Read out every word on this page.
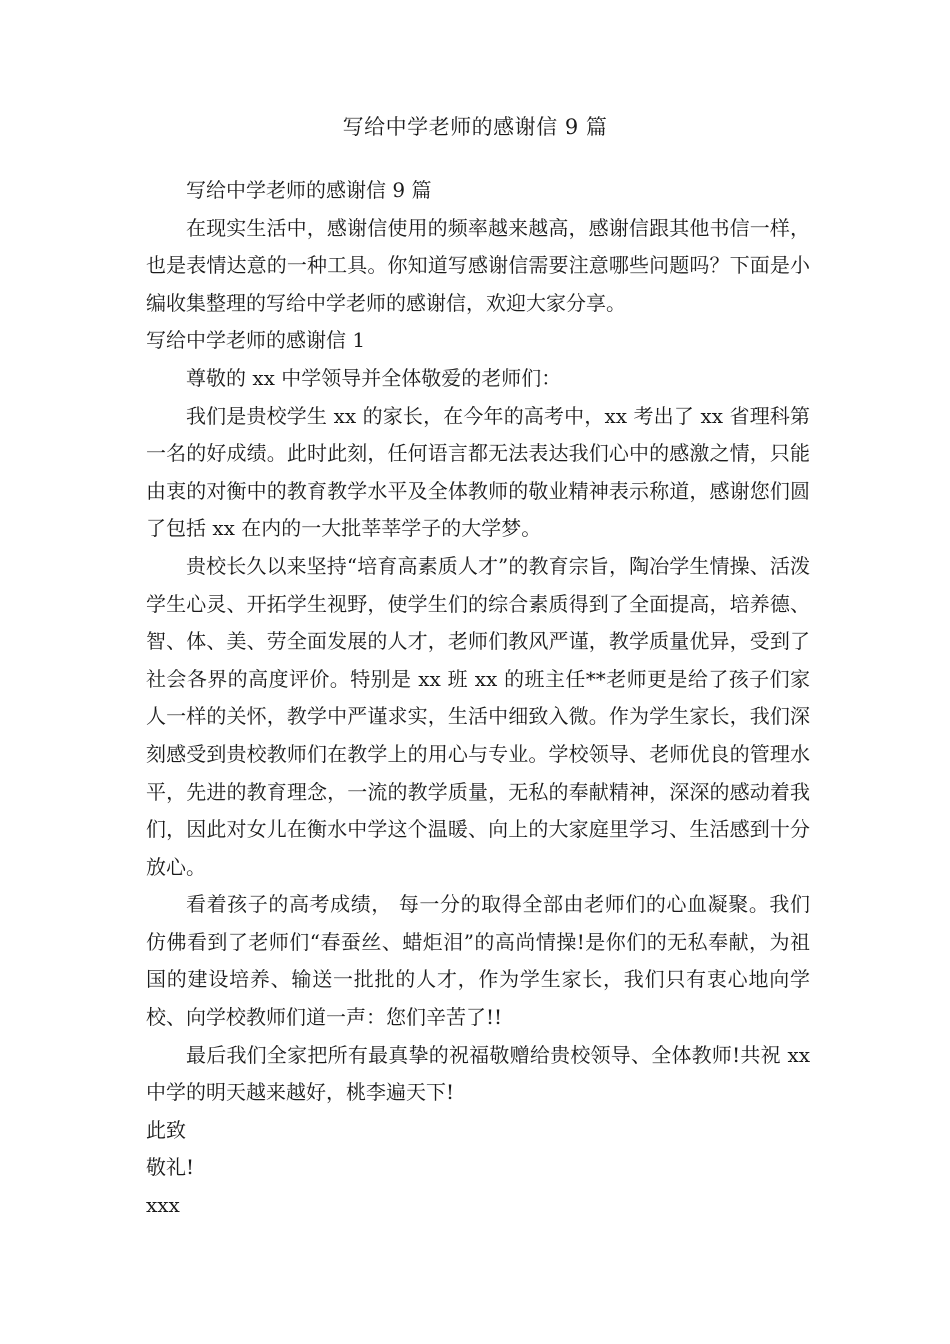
写给中学老师的感谢信 9 篇

写给中学老师的感谢信 9 篇

在现实生活中，感谢信使用的频率越来越高，感谢信跟其他书信一样，也是表情达意的一种工具。你知道写感谢信需要注意哪些问题吗？下面是小编收集整理的写给中学老师的感谢信，欢迎大家分享。

写给中学老师的感谢信 1

尊敬的 xx 中学领导并全体敬爱的老师们：

我们是贵校学生 xx 的家长，在今年的高考中，xx 考出了 xx 省理科第一名的好成绩。此时此刻，任何语言都无法表达我们心中的感激之情，只能由衷的对衡中的教育教学水平及全体教师的敬业精神表示称道，感谢您们圆了包括 xx 在内的一大批莘莘学子的大学梦。

贵校长久以来坚持“培育高素质人才”的教育宗旨，陶冶学生情操、活泼学生心灵、开拓学生视野，使学生们的综合素质得到了全面提高，培养德、智、体、美、劳全面发展的人才，老师们教风严谨，教学质量优异，受到了社会各界的高度评价。特别是 xx 班 xx 的班主任**老师更是给了孩子们家人一样的关怀，教学中严谨求实，生活中细致入微。作为学生家长，我们深刻感受到贵校教师们在教学上的用心与专业。学校领导、老师优良的管理水平，先进的教育理念，一流的教学质量，无私的奉献精神，深深的感动着我们，因此对女儿在衡水中学这个温暖、向上的大家庭里学习、生活感到十分放心。

看着孩子的高考成绩， 每一分的取得全部由老师们的心血凝聚。我们仿佛看到了老师们“春蚕丝、蜡炬泪”的高尚情操!是你们的无私奉献，为祖国的建设培养、输送一批批的人才，作为学生家长，我们只有衷心地向学校、向学校教师们道一声：您们辛苦了!!

最后我们全家把所有最真挚的祝福敬赠给贵校领导、全体教师!共祝 xx 中学的明天越来越好，桃李遍天下!

此致

敬礼!

xxx
